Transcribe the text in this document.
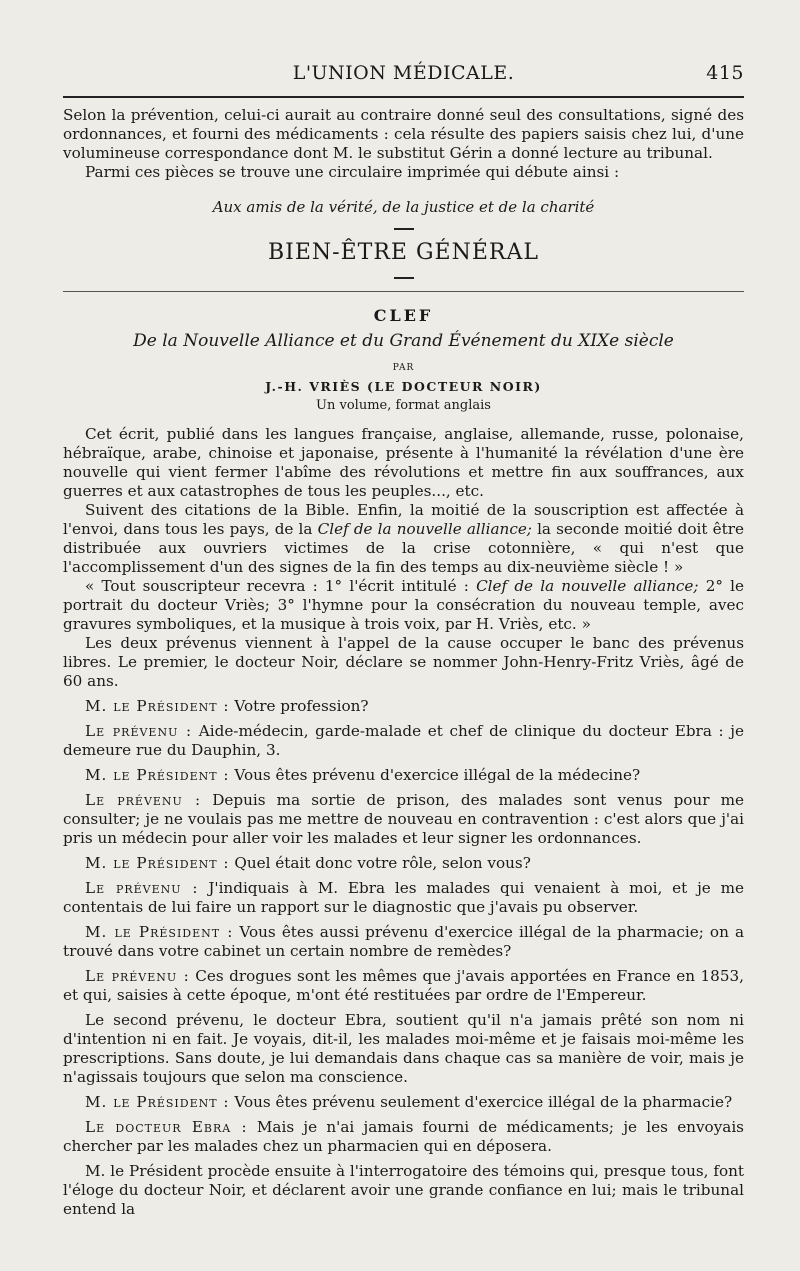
L'UNION MÉDICALE.	415

Selon la prévention, celui-ci aurait au contraire donné seul des consultations, signé des ordonnances, et fourni des médicaments : cela résulte des papiers saisis chez lui, d'une volumineuse correspondance dont M. le substitut Gérin a donné lecture au tribunal.

Parmi ces pièces se trouve une circulaire imprimée qui débute ainsi :

Aux amis de la vérité, de la justice et de la charité
BIEN-ÊTRE GÉNÉRAL
CLEF
De la Nouvelle Alliance et du Grand Événement du XIXe siècle
PAR
J.-H. VRIÈS (LE DOCTEUR NOIR)
Un volume, format anglais

Cet écrit, publié dans les langues française, anglaise, allemande, russe, polonaise, hébraïque, arabe, chinoise et japonaise, présente à l'humanité la révélation d'une ère nouvelle qui vient fermer l'abîme des révolutions et mettre fin aux souffrances, aux guerres et aux catastrophes de tous les peuples..., etc.

Suivent des citations de la Bible. Enfin, la moitié de la souscription est affectée à l'envoi, dans tous les pays, de la Clef de la nouvelle alliance; la seconde moitié doit être distribuée aux ouvriers victimes de la crise cotonnière, « qui n'est que l'accomplissement d'un des signes de la fin des temps au dix-neuvième siècle ! »

« Tout souscripteur recevra : 1° l'écrit intitulé : Clef de la nouvelle alliance; 2° le portrait du docteur Vriès; 3° l'hymne pour la consécration du nouveau temple, avec gravures symboliques, et la musique à trois voix, par H. Vriès, etc. »

Les deux prévenus viennent à l'appel de la cause occuper le banc des prévenus libres. Le premier, le docteur Noir, déclare se nommer John-Henry-Fritz Vriès, âgé de 60 ans.

M. le Président : Votre profession?

Le prévenu : Aide-médecin, garde-malade et chef de clinique du docteur Ebra : je demeure rue du Dauphin, 3.

M. le Président : Vous êtes prévenu d'exercice illégal de la médecine?

Le prévenu : Depuis ma sortie de prison, des malades sont venus pour me consulter; je ne voulais pas me mettre de nouveau en contravention : c'est alors que j'ai pris un médecin pour aller voir les malades et leur signer les ordonnances.

M. le Président : Quel était donc votre rôle, selon vous?

Le prévenu : J'indiquais à M. Ebra les malades qui venaient à moi, et je me contentais de lui faire un rapport sur le diagnostic que j'avais pu observer.

M. le Président : Vous êtes aussi prévenu d'exercice illégal de la pharmacie; on a trouvé dans votre cabinet un certain nombre de remèdes?

Le prévenu : Ces drogues sont les mêmes que j'avais apportées en France en 1853, et qui, saisies à cette époque, m'ont été restituées par ordre de l'Empereur.

Le second prévenu, le docteur Ebra, soutient qu'il n'a jamais prêté son nom ni d'intention ni en fait. Je voyais, dit-il, les malades moi-même et je faisais moi-même les prescriptions. Sans doute, je lui demandais dans chaque cas sa manière de voir, mais je n'agissais toujours que selon ma conscience.

M. le Président : Vous êtes prévenu seulement d'exercice illégal de la pharmacie?

Le docteur Ebra : Mais je n'ai jamais fourni de médicaments; je les envoyais chercher par les malades chez un pharmacien qui en déposera.

M. le Président procède ensuite à l'interrogatoire des témoins qui, presque tous, font l'éloge du docteur Noir, et déclarent avoir une grande confiance en lui; mais le tribunal entend la
